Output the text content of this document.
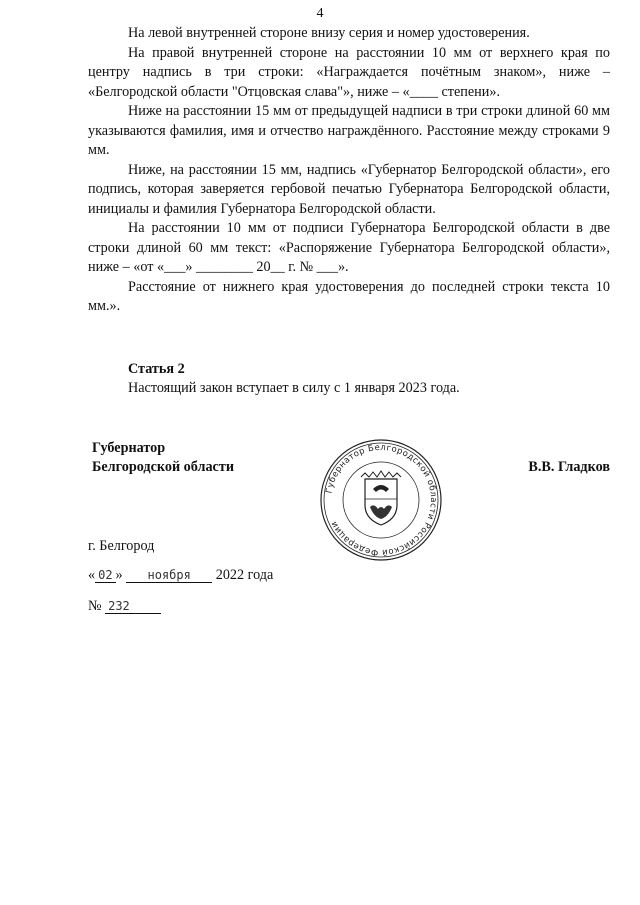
4

На левой внутренней стороне внизу серия и номер удостоверения.

На правой внутренней стороне на расстоянии 10 мм от верхнего края по центру надпись в три строки: «Награждается почётным знаком», ниже – «Белгородской области "Отцовская слава"», ниже – «____ степени».

Ниже на расстоянии 15 мм от предыдущей надписи в три строки длиной 60 мм указываются фамилия, имя и отчество награждённого. Расстояние между строками 9 мм.

Ниже, на расстоянии 15 мм, надпись «Губернатор Белгородской области», его подпись, которая заверяется гербовой печатью Губернатора Белгородской области, инициалы и фамилия Губернатора Белгородской области.

На расстоянии 10 мм от подписи Губернатора Белгородской области в две строки длиной 60 мм текст: «Распоряжение Губернатора Белгородской области», ниже – «от «___» ________ 20__ г. № ___».

Расстояние от нижнего края удостоверения до последней строки текста 10 мм.».

Статья 2
Настоящий закон вступает в силу с 1 января 2023 года.
Губернатор
Белгородской области	В.В. Гладков
Губернатор Белгородской области Российской Федерации
г. Белгород
« 02 » ноября 2022 года
№ 232
